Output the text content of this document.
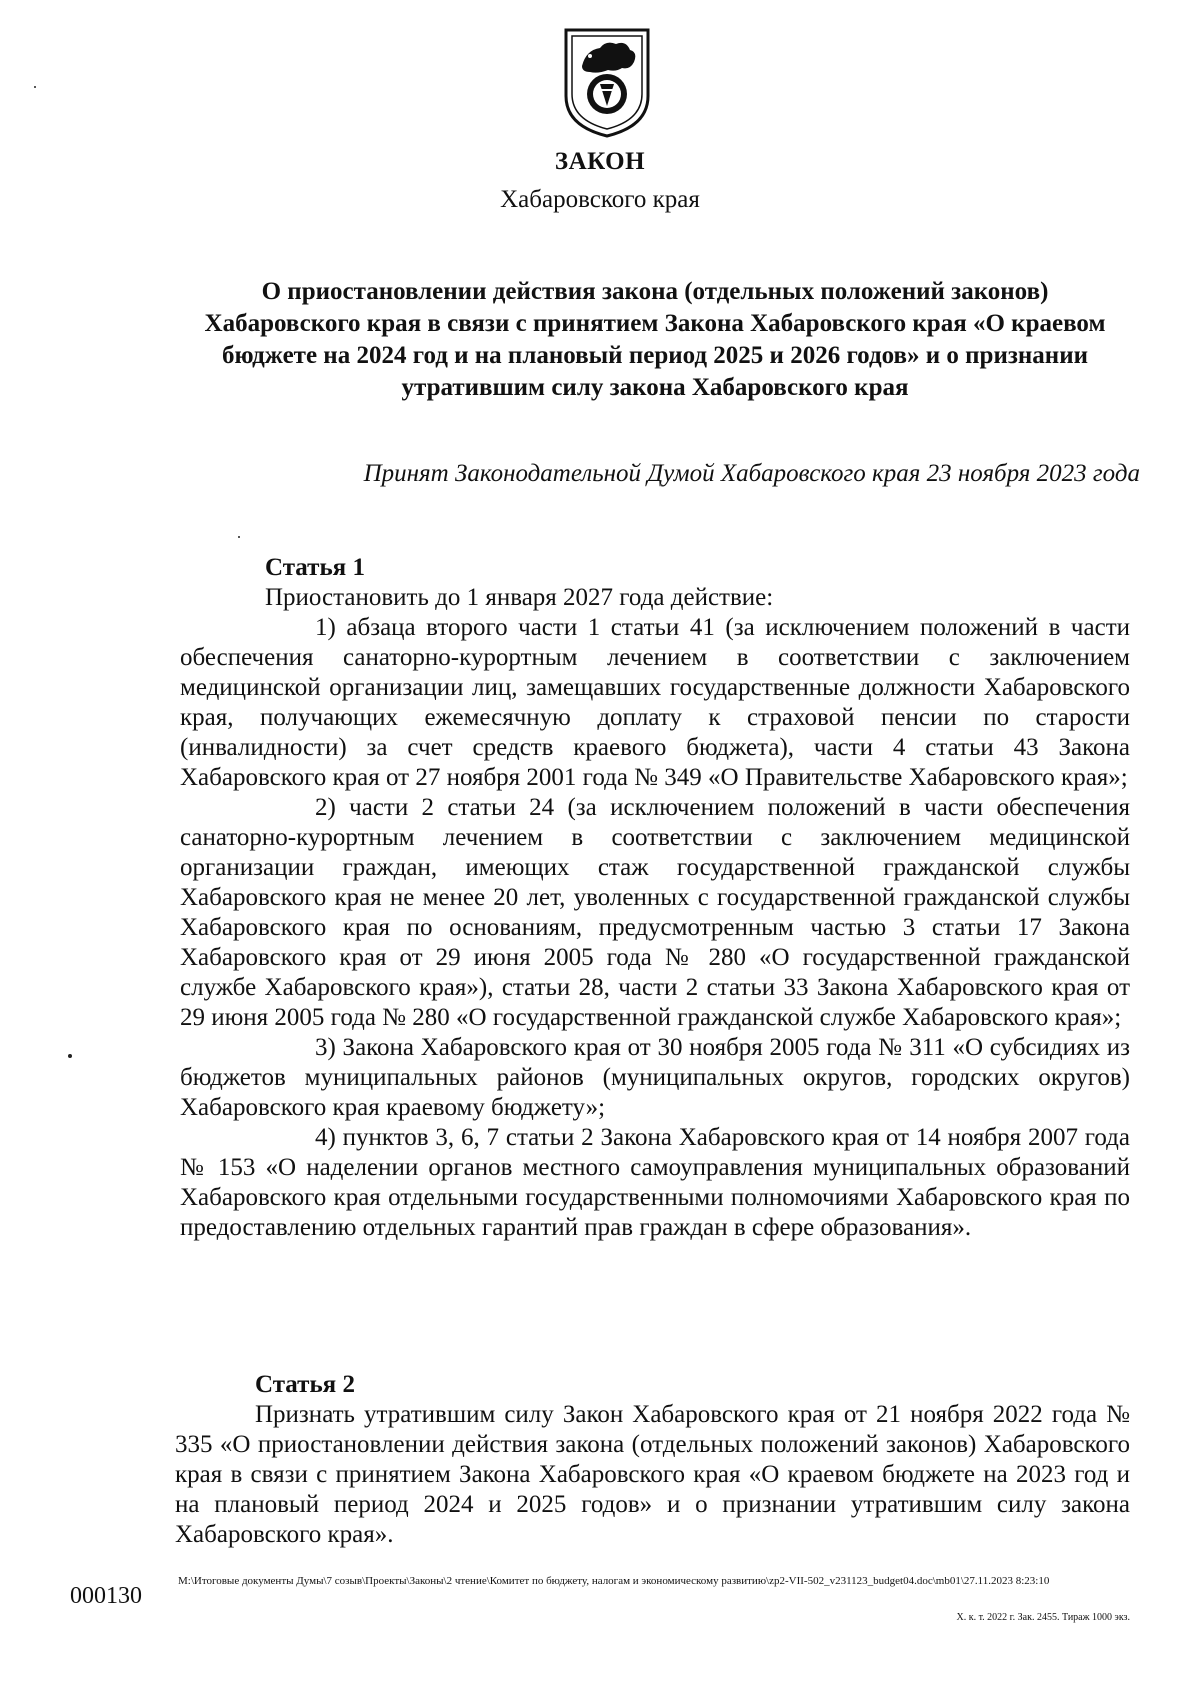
ЗАКОН
Хабаровского края
О приостановлении действия закона (отдельных положений законов) Хабаровского края в связи с принятием Закона Хабаровского края «О краевом бюджете на 2024 год и на плановый период 2025 и 2026 годов» и о признании утратившим силу закона Хабаровского края
Принят Законодательной Думой Хабаровского края 23 ноября 2023 года
Статья 1

Приостановить до 1 января 2027 года действие:

1) абзаца второго части 1 статьи 41 (за исключением положений в части обеспечения санаторно-курортным лечением в соответствии с заключением медицинской организации лиц, замещавших государственные должности Хабаровского края, получающих ежемесячную доплату к страховой пенсии по старости (инвалидности) за счет средств краевого бюджета), части 4 статьи 43 Закона Хабаровского края от 27 ноября 2001 года № 349 «О Правительстве Хабаровского края»;

2) части 2 статьи 24 (за исключением положений в части обеспечения санаторно-курортным лечением в соответствии с заключением медицинской организации граждан, имеющих стаж государственной гражданской службы Хабаровского края не менее 20 лет, уволенных с государственной гражданской службы Хабаровского края по основаниям, предусмотренным частью 3 статьи 17 Закона Хабаровского края от 29 июня 2005 года № 280 «О государственной гражданской службе Хабаровского края»), статьи 28, части 2 статьи 33 Закона Хабаровского края от 29 июня 2005 года № 280 «О государственной гражданской службе Хабаровского края»;

3) Закона Хабаровского края от 30 ноября 2005 года № 311 «О субсидиях из бюджетов муниципальных районов (муниципальных округов, городских округов) Хабаровского края краевому бюджету»;

4) пунктов 3, 6, 7 статьи 2 Закона Хабаровского края от 14 ноября 2007 года № 153 «О наделении органов местного самоуправления муниципальных образований Хабаровского края отдельными государственными полномочиями Хабаровского края по предоставлению отдельных гарантий прав граждан в сфере образования».

Статья 2

Признать утратившим силу Закон Хабаровского края от 21 ноября 2022 года № 335 «О приостановлении действия закона (отдельных положений законов) Хабаровского края в связи с принятием Закона Хабаровского края «О краевом бюджете на 2023 год и на плановый период 2024 и 2025 годов» и о признании утратившим силу закона Хабаровского края».

000130
M:\Итоговые документы Думы\7 созыв\Проекты\Законы\2 чтение\Комитет по бюджету, налогам и экономическому развитию\zp2-VII-502_v231123_budget04.doc\mb01\27.11.2023 8:23:10
Х. к. т. 2022 г. Зак. 2455. Тираж 1000 экз.
